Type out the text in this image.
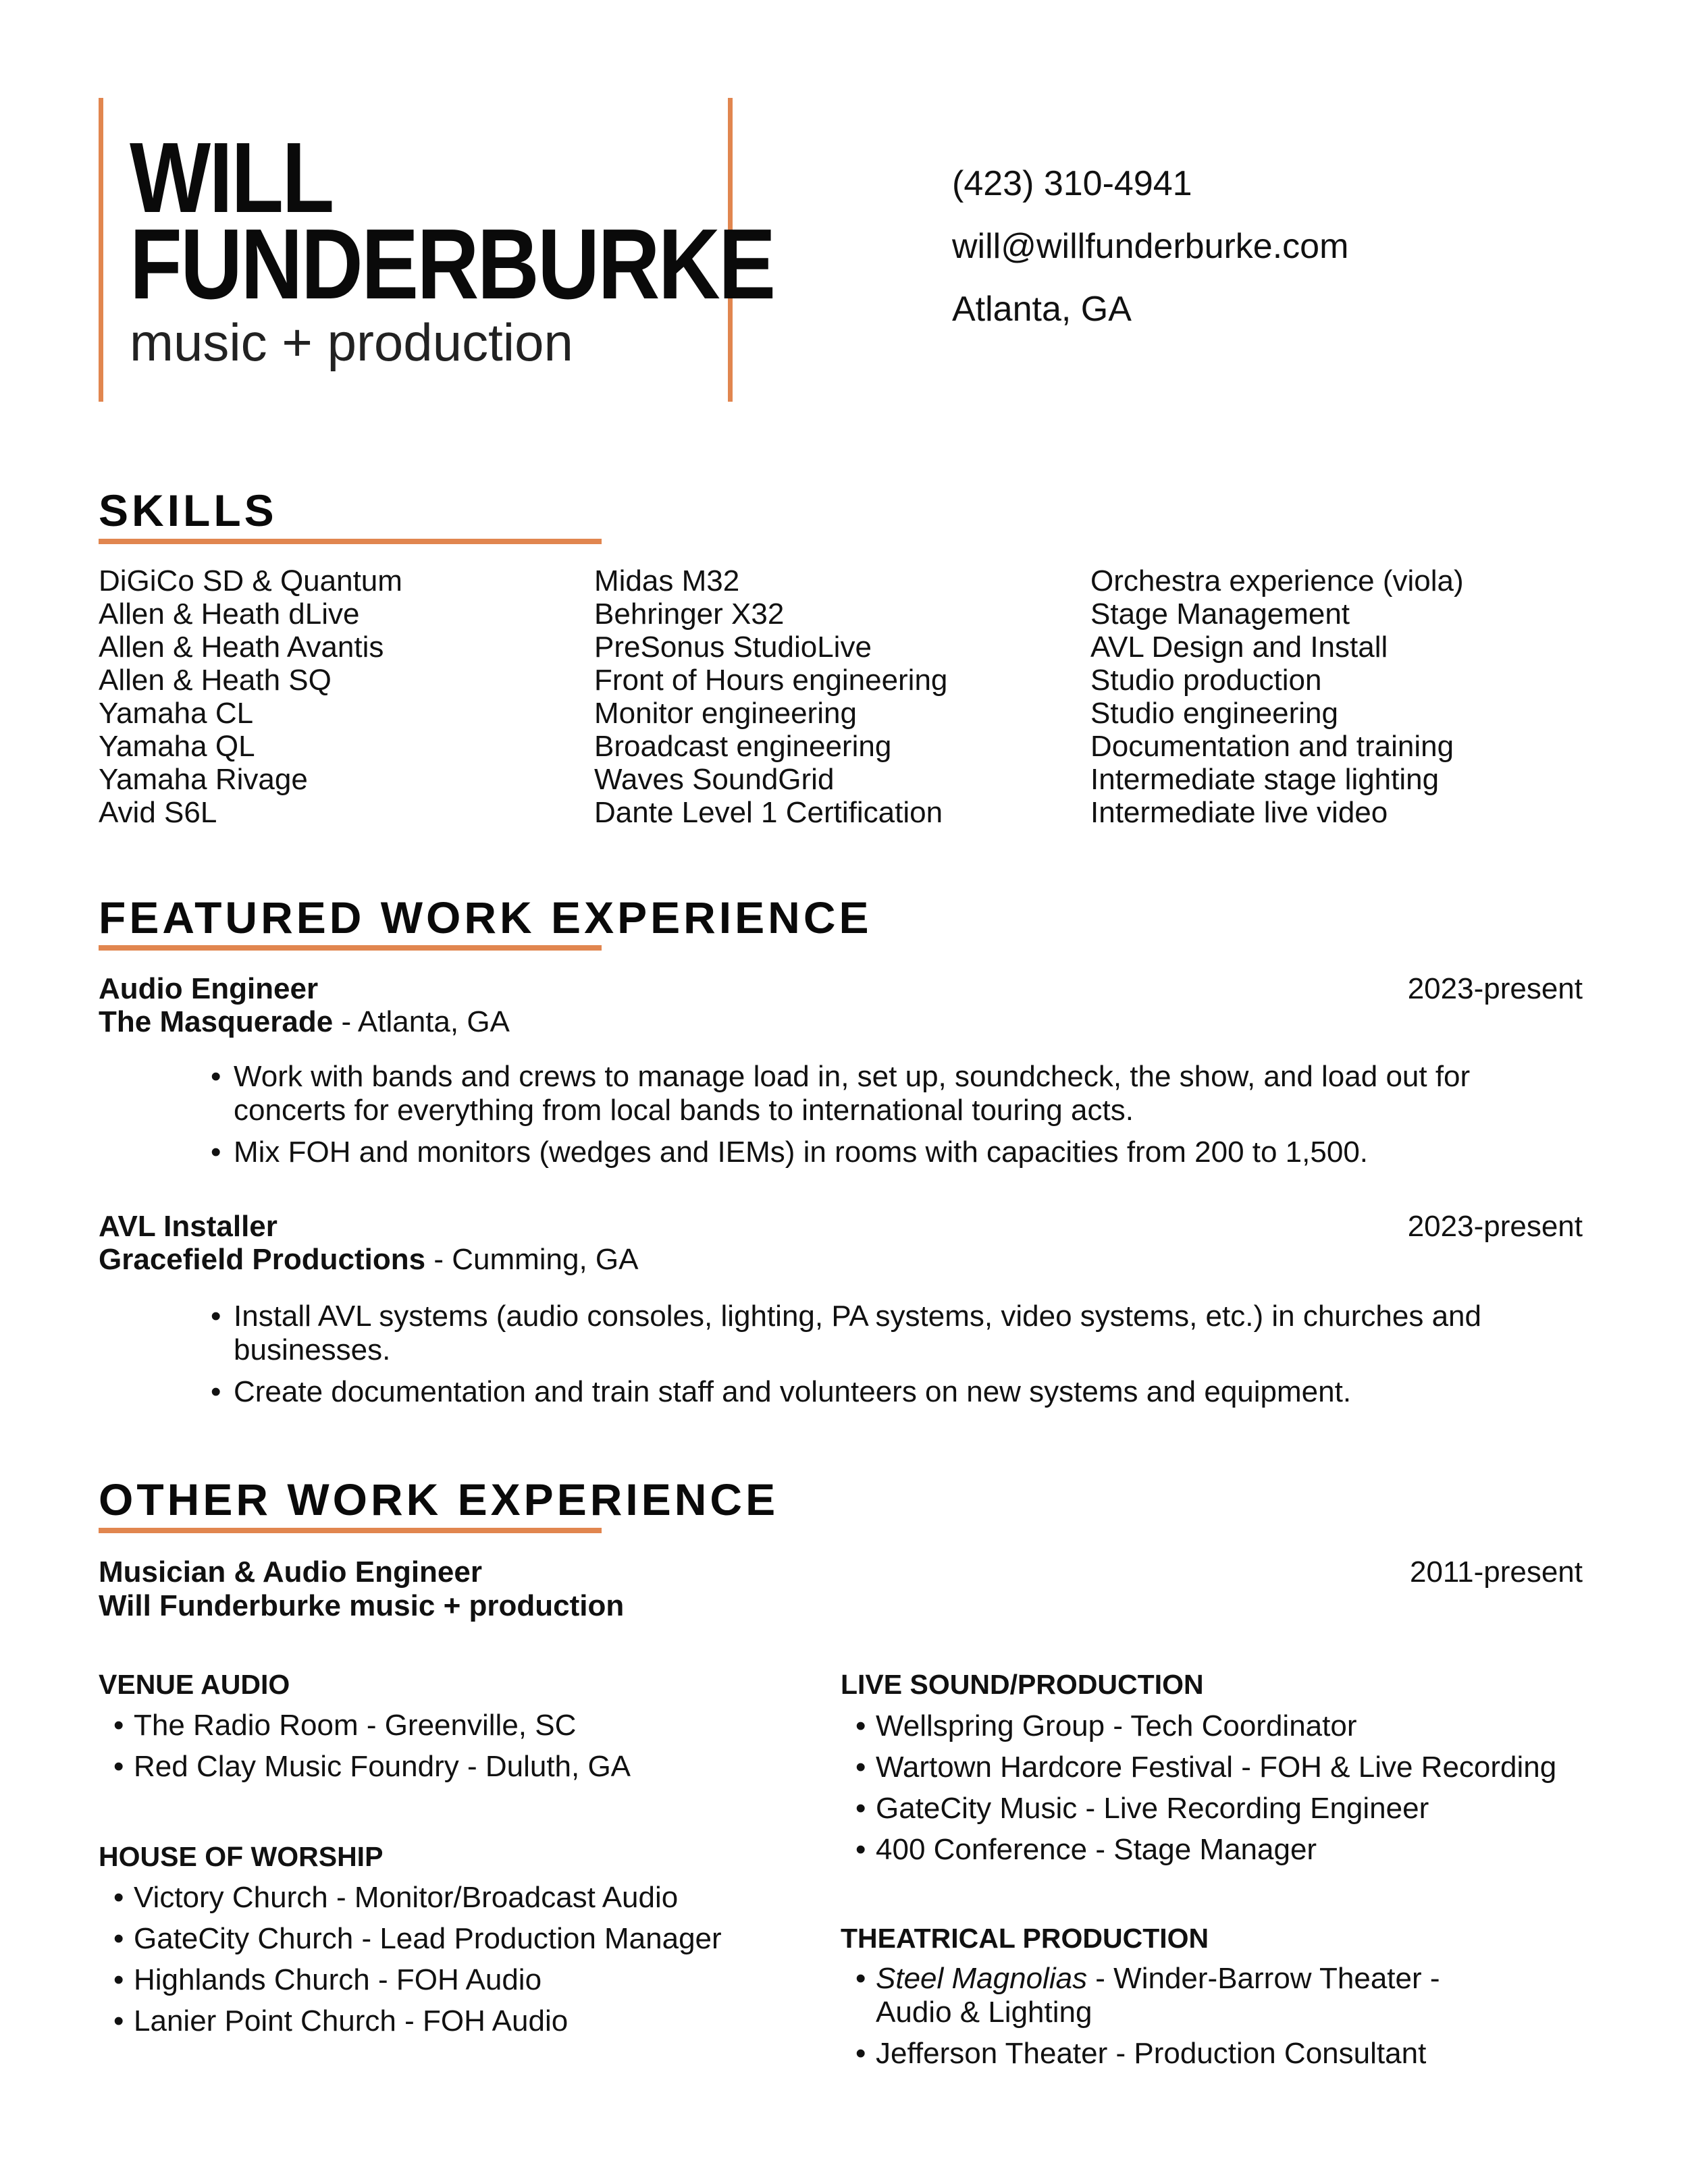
WILL
FUNDERBURKE
music + production
(423) 310-4941
will@willfunderburke.com
Atlanta, GA
SKILLS
DiGiCo SD & Quantum
Allen & Heath dLive
Allen & Heath Avantis
Allen & Heath SQ
Yamaha CL
Yamaha QL
Yamaha Rivage
Avid S6L
Midas M32
Behringer X32
PreSonus StudioLive
Front of Hours engineering
Monitor engineering
Broadcast engineering
Waves SoundGrid
Dante Level 1 Certification
Orchestra experience (viola)
Stage Management
AVL Design and Install
Studio production
Studio engineering
Documentation and training
Intermediate stage lighting
Intermediate live video
FEATURED WORK EXPERIENCE
Audio Engineer	2023-present
The Masquerade - Atlanta, GA
• Work with bands and crews to manage load in, set up, soundcheck, the show, and load out for concerts for everything from local bands to international touring acts.
• Mix FOH and monitors (wedges and IEMs) in rooms with capacities from 200 to 1,500.
AVL Installer	2023-present
Gracefield Productions - Cumming, GA
• Install AVL systems (audio consoles, lighting, PA systems, video systems, etc.) in churches and businesses.
• Create documentation and train staff and volunteers on new systems and equipment.
OTHER WORK EXPERIENCE
Musician & Audio Engineer	2011-present
Will Funderburke music + production
VENUE AUDIO
• The Radio Room - Greenville, SC
• Red Clay Music Foundry - Duluth, GA
HOUSE OF WORSHIP
• Victory Church - Monitor/Broadcast Audio
• GateCity Church - Lead Production Manager
• Highlands Church - FOH Audio
• Lanier Point Church - FOH Audio
LIVE SOUND/PRODUCTION
• Wellspring Group - Tech Coordinator
• Wartown Hardcore Festival - FOH & Live Recording
• GateCity Music - Live Recording Engineer
• 400 Conference - Stage Manager
THEATRICAL PRODUCTION
• Steel Magnolias - Winder-Barrow Theater - Audio & Lighting
• Jefferson Theater - Production Consultant
